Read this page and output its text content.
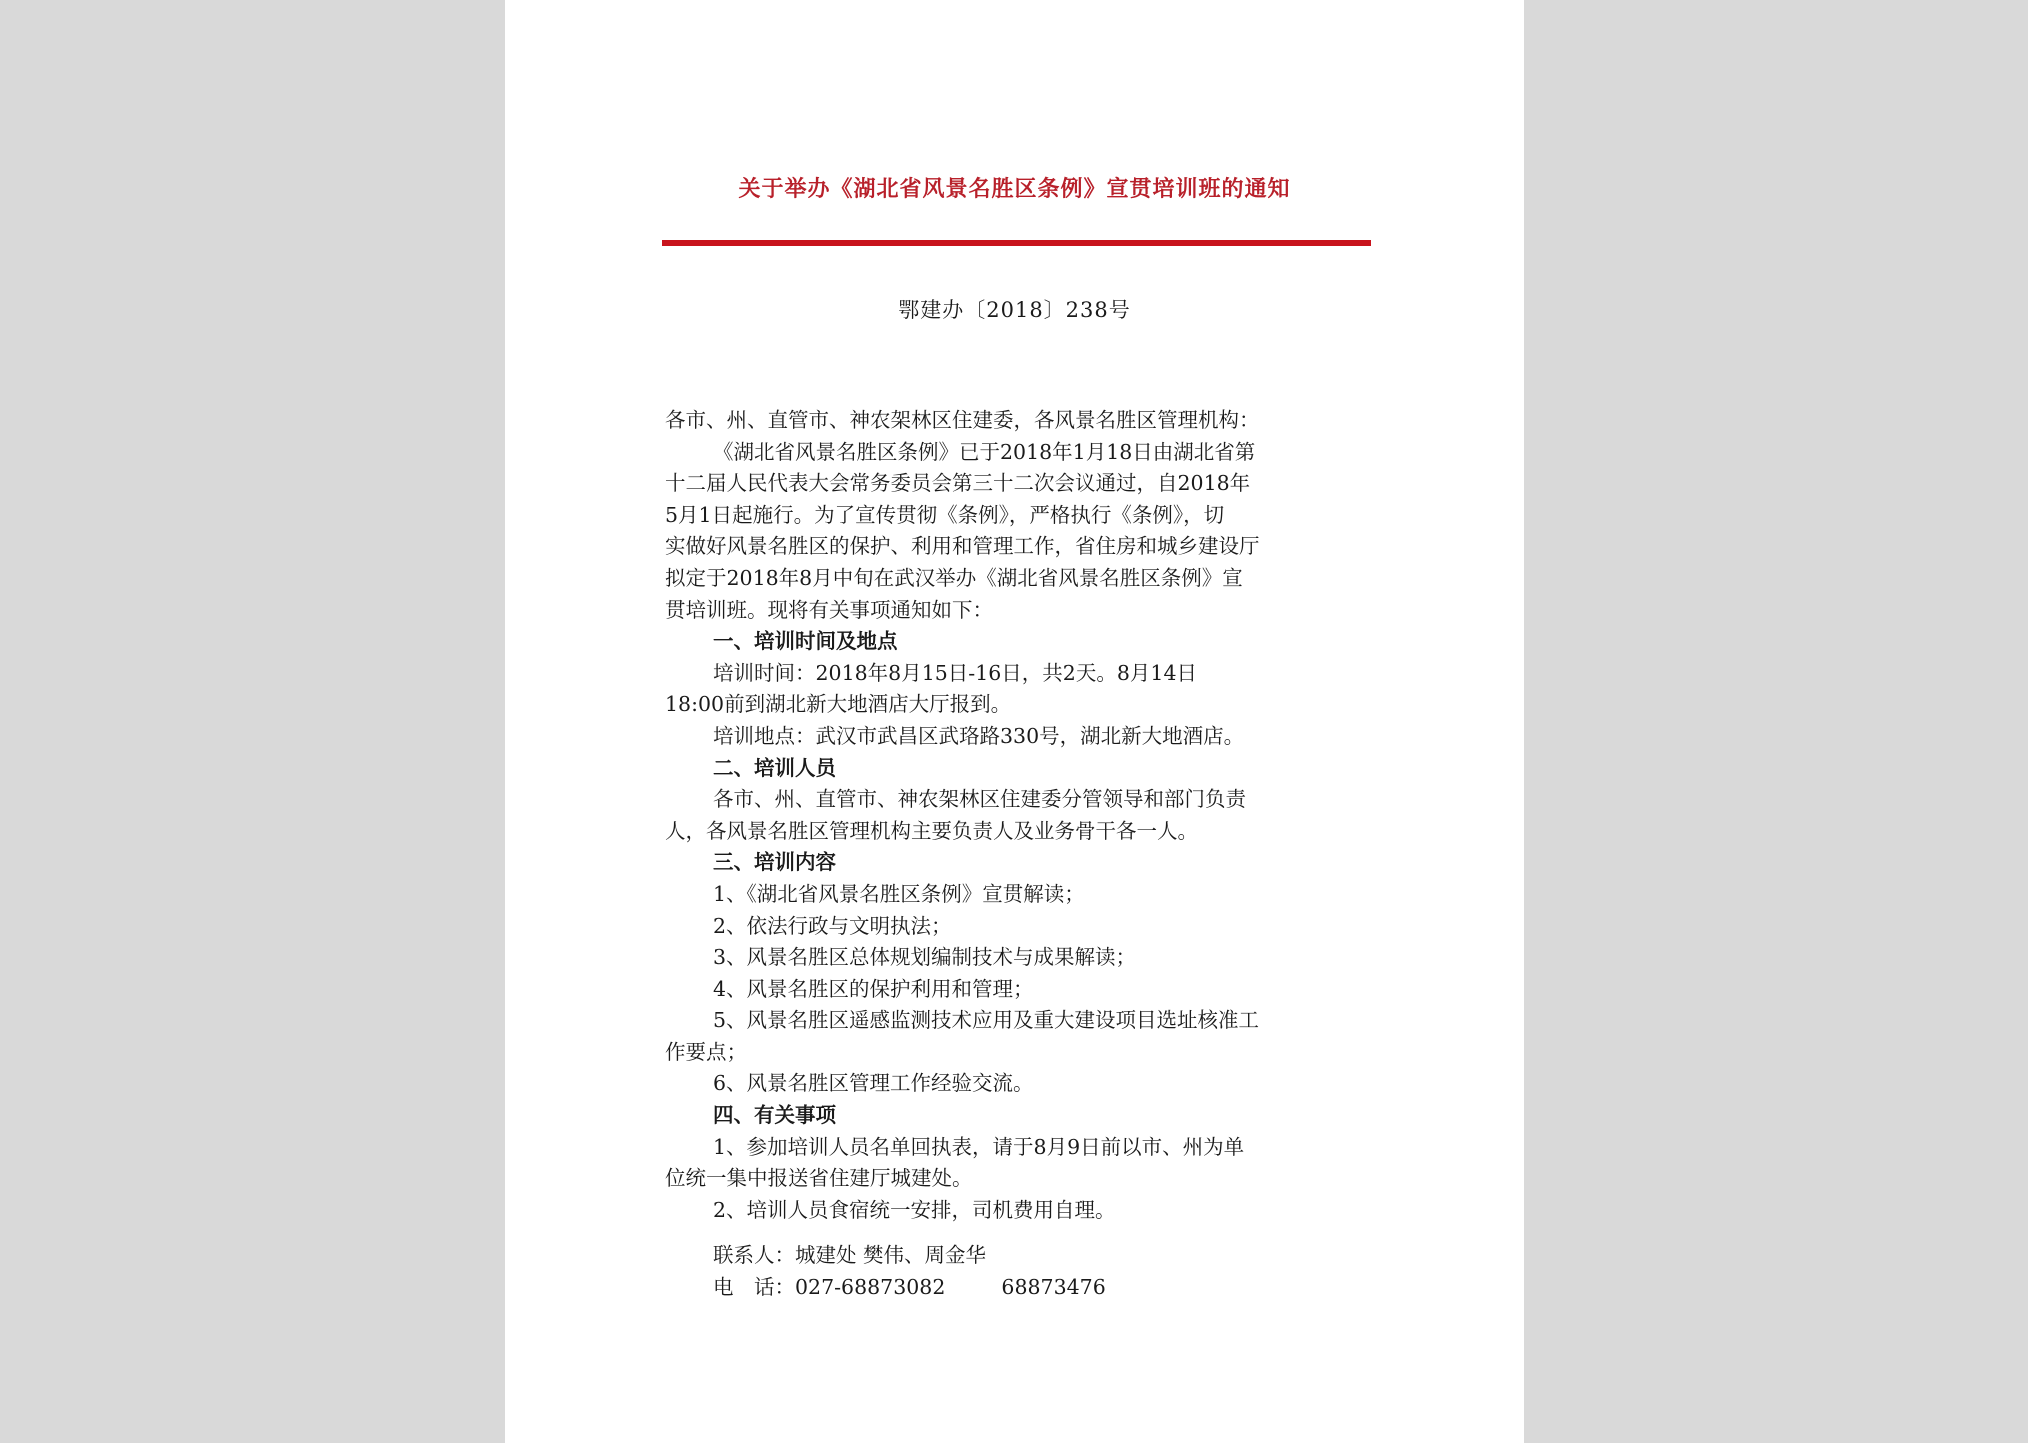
关于举办《湖北省风景名胜区条例》宣贯培训班的通知
鄂建办〔2018〕238号
各市、州、直管市、神农架林区住建委，各风景名胜区管理机构：
《湖北省风景名胜区条例》已于2018年1月18日由湖北省第
十二届人民代表大会常务委员会第三十二次会议通过，自2018年
5月1日起施行。为了宣传贯彻《条例》，严格执行《条例》，切
实做好风景名胜区的保护、利用和管理工作，省住房和城乡建设厅
拟定于2018年8月中旬在武汉举办《湖北省风景名胜区条例》宣
贯培训班。现将有关事项通知如下：
一、培训时间及地点
培训时间：2018年8月15日-16日，共2天。8月14日
18:00前到湖北新大地酒店大厅报到。
培训地点：武汉市武昌区武珞路330号，湖北新大地酒店。
二、培训人员
各市、州、直管市、神农架林区住建委分管领导和部门负责
人，各风景名胜区管理机构主要负责人及业务骨干各一人。
三、培训内容
1、《湖北省风景名胜区条例》宣贯解读；
2、依法行政与文明执法；
3、风景名胜区总体规划编制技术与成果解读；
4、风景名胜区的保护利用和管理；
5、风景名胜区遥感监测技术应用及重大建设项目选址核准工
作要点；
6、风景名胜区管理工作经验交流。
四、有关事项
1、参加培训人员名单回执表，请于8月9日前以市、州为单
位统一集中报送省住建厅城建处。
2、培训人员食宿统一安排，司机费用自理。
联系人：城建处 樊伟、周金华
电　话：027-68873082	68873476
